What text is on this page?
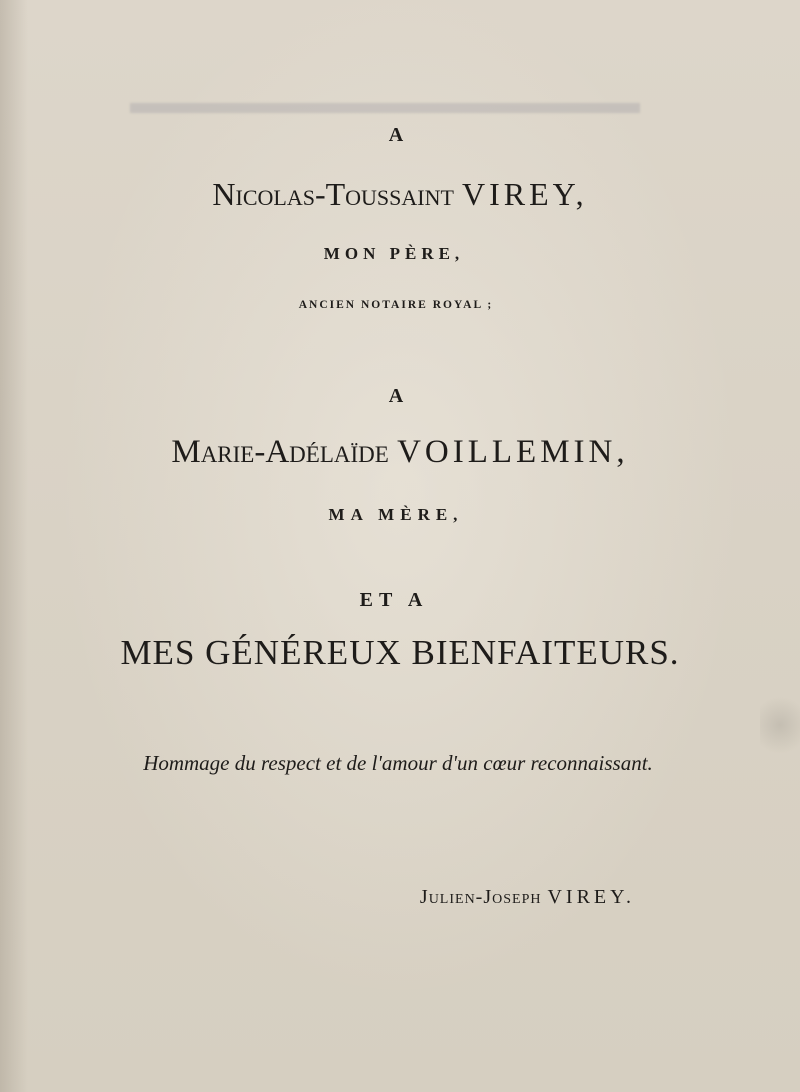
A
Nicolas-Toussaint VIREY,
MON PÈRE,
ANCIEN NOTAIRE ROYAL ;
A
Marie-Adélaïde VOILLEMIN,
MA MÈRE,
ET A
MES GÉNÉREUX BIENFAITEURS.
Hommage du respect et de l'amour d'un cœur reconnaissant.
Julien-Joseph VIREY.
